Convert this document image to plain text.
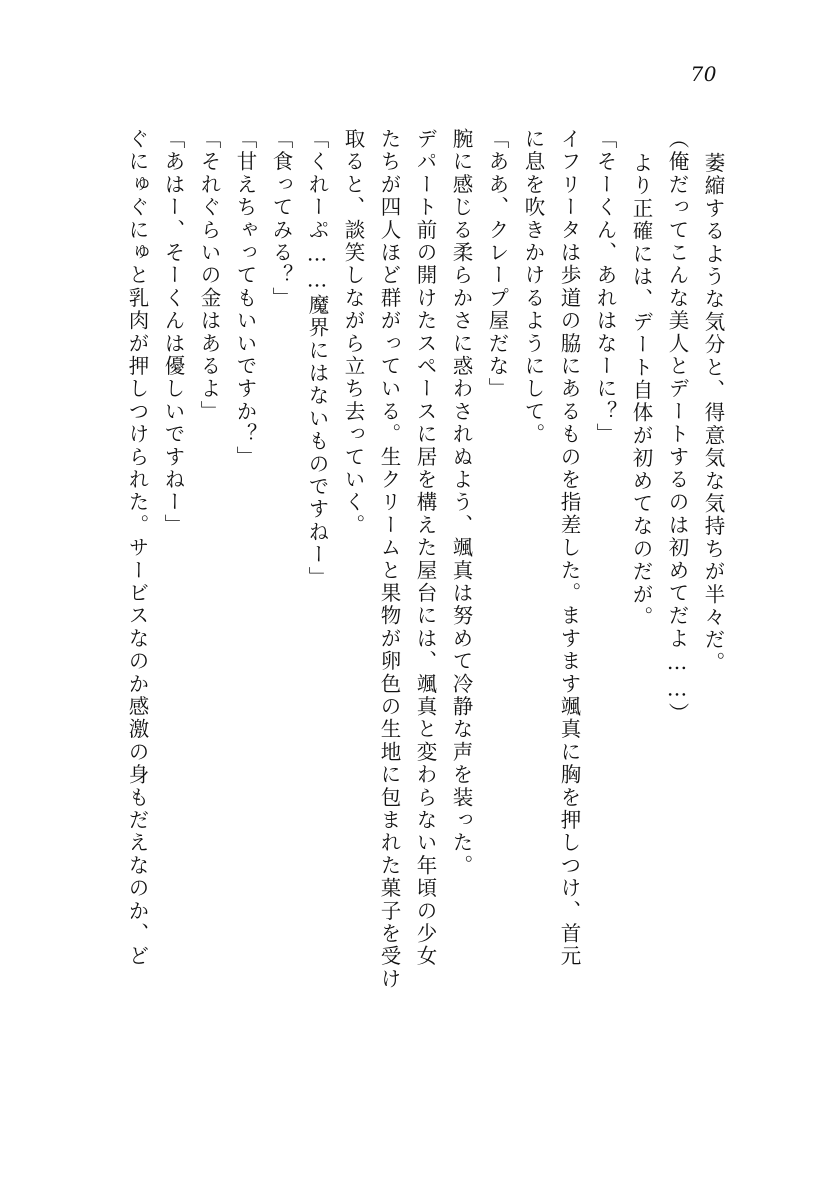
70
萎縮するような気分と、得意気な気持ちが半々だ。
（俺だってこんな美人とデートするのは初めてだよ……）
より正確には、デート自体が初めてなのだが。
「そーくん、あれはなーに？」
イフリータは歩道の脇にあるものを指差した。ますます颯真に胸を押しつけ、首元
に息を吹きかけるようにして。
「ああ、クレープ屋だな」
腕に感じる柔らかさに惑わされぬよう、颯真は努めて冷静な声を装った。
デパート前の開けたスペースに居を構えた屋台には、颯真と変わらない年頃の少女
たちが四人ほど群がっている。生クリームと果物が卵色の生地に包まれた菓子を受け
取ると、談笑しながら立ち去っていく。
「くれーぷ……魔界にはないものですねー」
「食ってみる？」
「甘えちゃってもいいですか？」
「それぐらいの金はあるよ」
「あはー、そーくんは優しいですねー」
ぐにゅぐにゅと乳肉が押しつけられた。サービスなのか感激の身もだえなのか、ど
